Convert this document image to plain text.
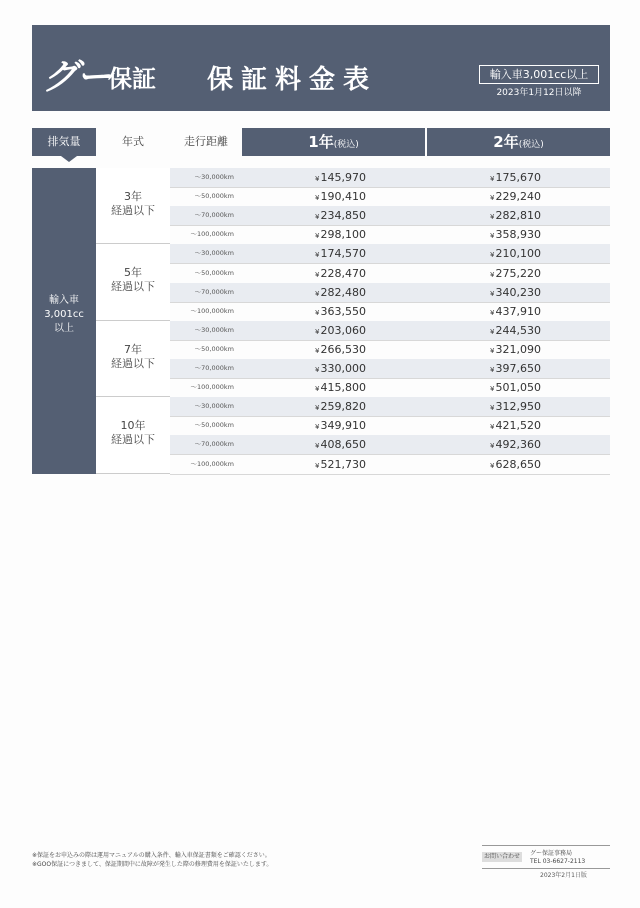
グー
保証 保証料金表	輸入車3,001cc以上
2023年1月12日以降
排気量	年式	走行距離	1年(税込)	2年(税込)
輸入車
3,001cc
以上
3年
経過以下
～30,000km	¥145,970	¥175,670
～50,000km	¥190,410	¥229,240
～70,000km	¥234,850	¥282,810
～100,000km	¥298,100	¥358,930
5年
経過以下
～30,000km	¥174,570	¥210,100
～50,000km	¥228,470	¥275,220
～70,000km	¥282,480	¥340,230
～100,000km	¥363,550	¥437,910
7年
経過以下
～30,000km	¥203,060	¥244,530
～50,000km	¥266,530	¥321,090
～70,000km	¥330,000	¥397,650
～100,000km	¥415,800	¥501,050
10年
経過以下
～30,000km	¥259,820	¥312,950
～50,000km	¥349,910	¥421,520
～70,000km	¥408,650	¥492,360
～100,000km	¥521,730	¥628,650
※保証をお申込みの際は運用マニュアルの購入条件、輸入車保証書類をご確認ください。
※GOO保証につきまして、保証期間中に故障が発生した際の修理費用を保証いたします。
お問い合わせ	グー保証事務局
TEL 03-6627-2113
2023年2月1日版
